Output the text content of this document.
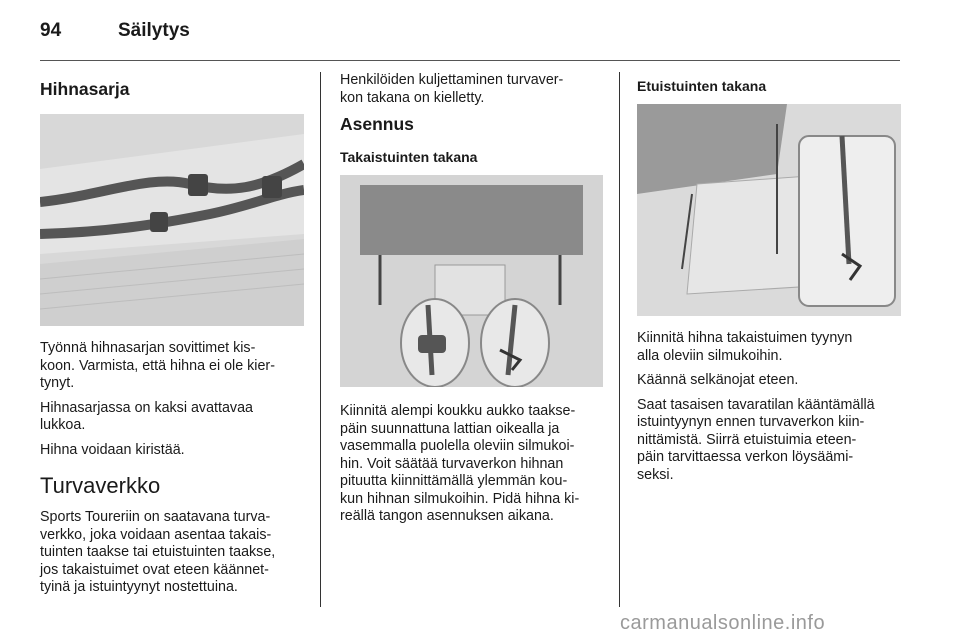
94	Säilytys
Hihnasarja

Työnnä hihnasarjan sovittimet kis-
koon. Varmista, että hihna ei ole kier-
tynyt.

Hihnasarjassa on kaksi avattavaa
lukkoa.

Hihna voidaan kiristää.

Turvaverkko

Sports Toureriin on saatavana turva-
verkko, joka voidaan asentaa takais-
tuinten taakse tai etuistuinten taakse,
jos takaistuimet ovat eteen käännet-
tyinä ja istuintyynyt nostettuina.

Henkilöiden kuljettaminen turvaver-
kon takana on kielletty.

Asennus
Takaistuinten takana

Kiinnitä alempi koukku aukko taakse-
päin suunnattuna lattian oikealla ja
vasemmalla puolella oleviin silmukoi-
hin. Voit säätää turvaverkon hihnan
pituutta kiinnittämällä ylemmän kou-
kun hihnan silmukoihin. Pidä hihna ki-
reällä tangon asennuksen aikana.

Etuistuinten takana

Kiinnitä hihna takaistuimen tyynyn
alla oleviin silmukoihin.

Käännä selkänojat eteen.

Saat tasaisen tavaratilan kääntämällä
istuintyynyn ennen turvaverkon kiin-
nittämistä. Siirrä etuistuimia eteen-
päin tarvittaessa verkon löysäämi-
seksi.

carmanualsonline.info
